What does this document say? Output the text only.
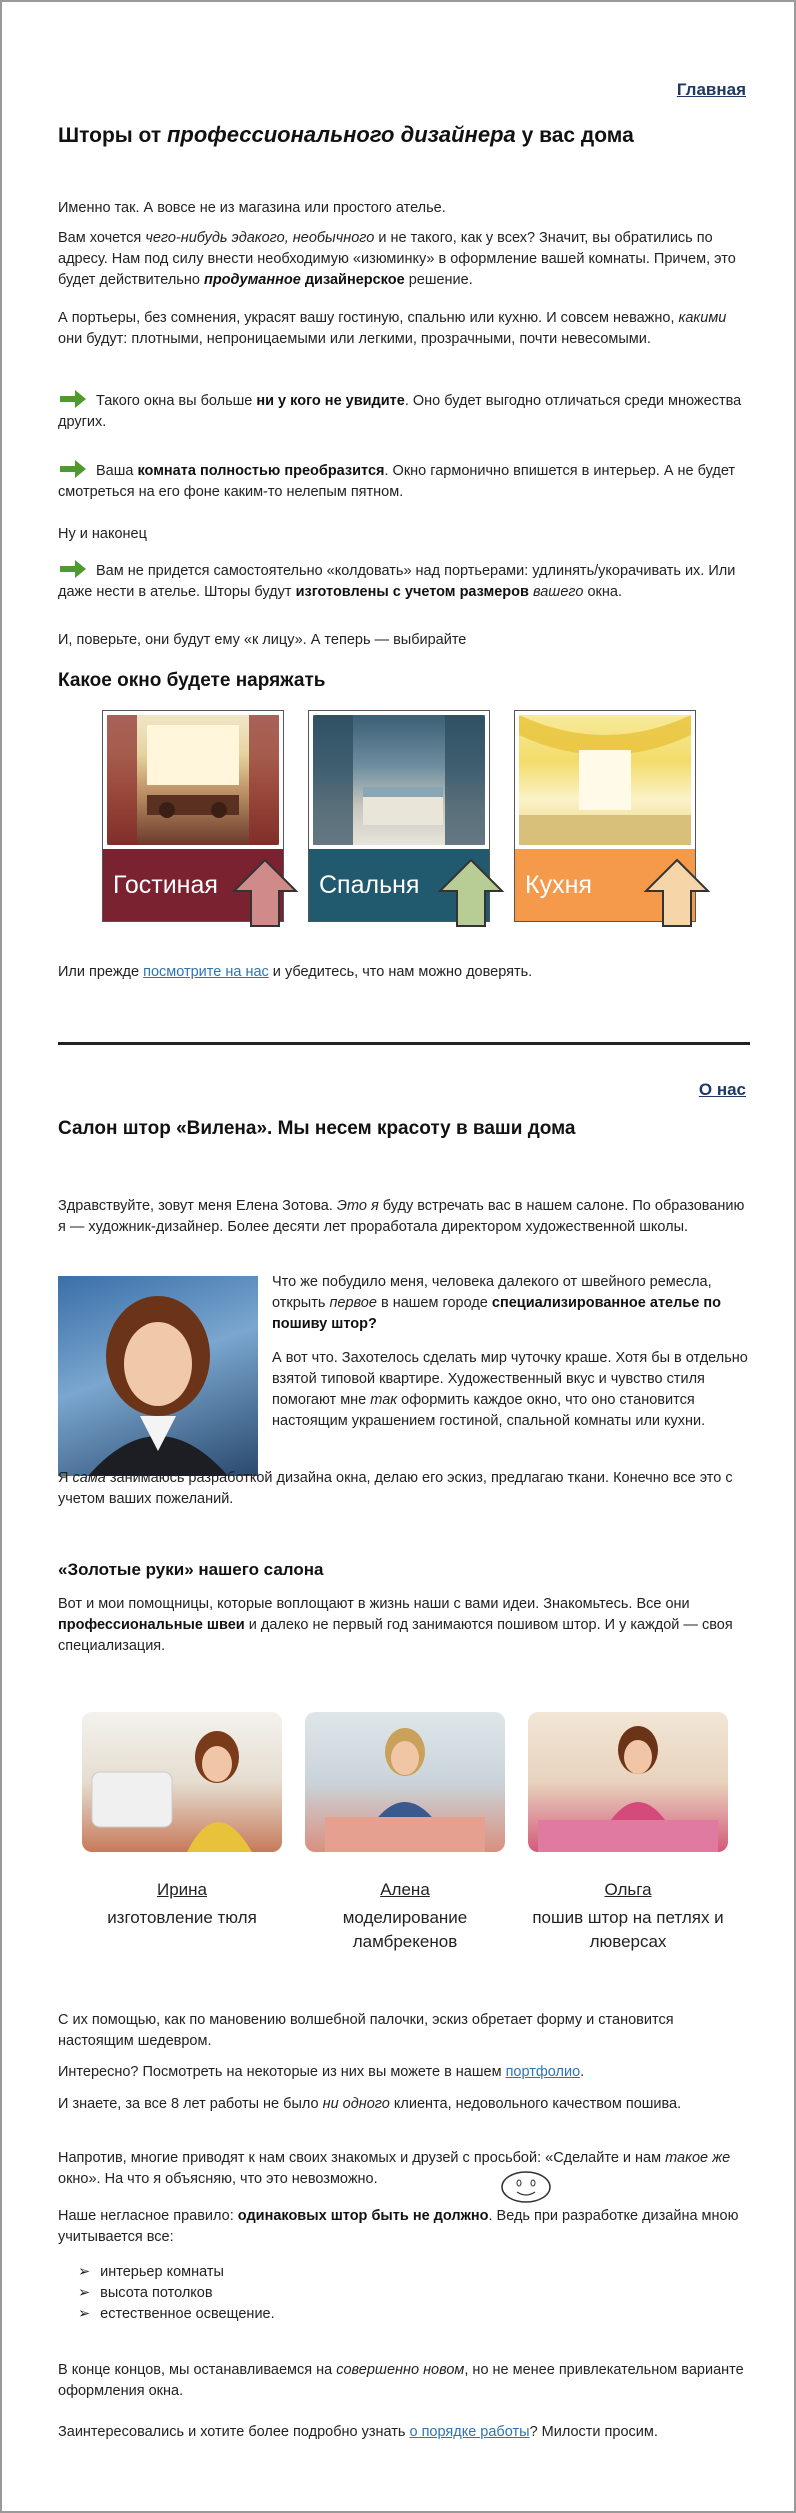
Главная
Шторы от профессионального дизайнера у вас дома

Именно так. А вовсе не из магазина или простого ателье.

Вам хочется чего-нибудь эдакого, необычного и не такого, как у всех? Значит, вы обратились по адресу. Нам под силу внести необходимую «изюминку» в оформление вашей комнаты. Причем, это будет действительно продуманное дизайнерское решение.

А портьеры, без сомнения, украсят вашу гостиную, спальню или кухню. И совсем неважно, какими они будут: плотными, непроницаемыми или легкими, прозрачными, почти невесомыми.

Такого окна вы больше ни у кого не увидите. Оно будет выгодно отличаться среди множества других.

Ваша комната полностью преобразится. Окно гармонично впишется в интерьер. А не будет смотреться на его фоне каким-то нелепым пятном.

Ну и наконец

Вам не придется самостоятельно «колдовать» над портьерами: удлинять/укорачивать их. Или даже нести в ателье. Шторы будут изготовлены с учетом размеров вашего окна.

И, поверьте, они будут ему «к лицу». А теперь — выбирайте

Какое окно будете наряжать
Гостиная	Спальня	Кухня

Или прежде посмотрите на нас и убедитесь, что нам можно доверять.

О нас
Салон штор «Вилена». Мы несем красоту в ваши дома

Здравствуйте, зовут меня Елена Зотова. Это я буду встречать вас в нашем салоне. По образованию я — художник-дизайнер. Более десяти лет проработала директором художественной школы.

Что же побудило меня, человека далекого от швейного ремесла, открыть первое в нашем городе специализированное ателье по пошиву штор?

А вот что. Захотелось сделать мир чуточку краше. Хотя бы в отдельно взятой типовой квартире. Художественный вкус и чувство стиля помогают мне так оформить каждое окно, что оно становится настоящим украшением гостиной, спальной комнаты или кухни.

Я сама занимаюсь разработкой дизайна окна, делаю его эскиз, предлагаю ткани. Конечно все это с учетом ваших пожеланий.

«Золотые руки» нашего салона

Вот и мои помощницы, которые воплощают в жизнь наши с вами идеи. Знакомьтесь. Все они профессиональные швеи и далеко не первый год занимаются пошивом штор. И у каждой — своя специализация.

Ирина
изготовление тюля
Алена
моделирование ламбрекенов
Ольга
пошив штор на петлях и люверсах

С их помощью, как по мановению волшебной палочки, эскиз обретает форму и становится настоящим шедевром.

Интересно? Посмотреть на некоторые из них вы можете в нашем портфолио.

И знаете, за все 8 лет работы не было ни одного клиента, недовольного качеством пошива.

Напротив, многие приводят к нам своих знакомых и друзей с просьбой: «Сделайте и нам такое же окно». На что я объясняю, что это невозможно.

Наше негласное правило: одинаковых штор быть не должно. Ведь при разработке дизайна мною учитывается все:

➢ интерьер комнаты
➢ высота потолков
➢ естественное освещение.

В конце концов, мы останавливаемся на совершенно новом, но не менее привлекательном варианте оформления окна.

Заинтересовались и хотите более подробно узнать о порядке работы? Милости просим.
